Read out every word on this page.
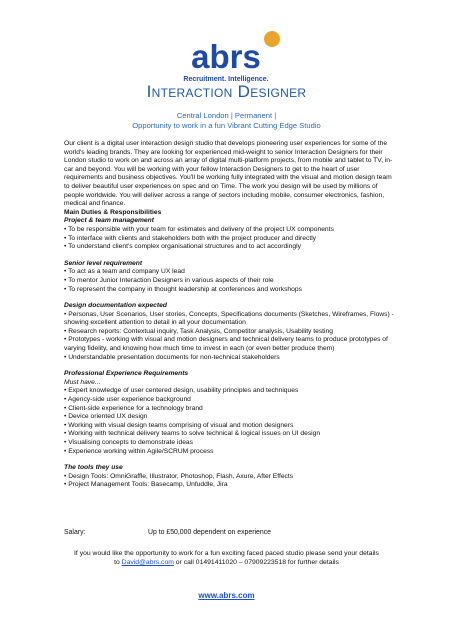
abrs
Recruitment. Intelligence.
Interaction Designer
Central London | Permanent |
Opportunity to work in a fun Vibrant Cutting Edge Studio

Our client is a digital user interaction design studio that develops pioneering user experiences for some of the world's leading brands. They are looking for experienced mid-weight to senior Interaction Designers for their London studio to work on and across an array of digital multi-platform projects, from mobile and tablet to TV, in-car and beyond. You will be working with your fellow Interaction Designers to get to the heart of user requirements and business objectives. You'll be working fully integrated with the visual and motion design team to deliver beautiful user experiences on spec and on Time. The work you design will be used by millions of people worldwide. You will deliver across a range of sectors including mobile, consumer electronics, fashion, medical and finance.

Main Duties & Responsibilities

Project & team management

• To be responsible with your team for estimates and delivery of the project UX components

• To interface with clients and stakeholders both with the project producer and directly

• To understand client's complex organisational structures and to act accordingly

Senior level requirement

• To act as a team and company UX lead

• To mentor Junior Interaction Designers in various aspects of their role

• To represent the company in thought leadership at conferences and workshops

Design documentation expected

• Personas, User Scenarios, User stories, Concepts, Specifications documents (Sketches, Wireframes, Flows) - showing excellent attention to detail in all your documentation

• Research reports: Contextual inquiry, Task Analysis, Competitor analysis, Usability testing

• Prototypes - working with visual and motion designers and technical delivery teams to produce prototypes of varying fidelity, and knowing how much time to invest in each (or even better produce them)

• Understandable presentation documents for non-technical stakeholders

Professional Experience Requirements

Must have...

• Expert knowledge of user centered design, usability principles and techniques

• Agency-side user experience background

• Client-side experience for a technology brand

• Device oriented UX design

• Working with visual design teams comprising of visual and motion designers

• Working with technical delivery teams to solve technical & logical issues on UI design

• Visualising concepts to demonstrate ideas

• Experience working within Agile/SCRUM process

The tools they use

• Design Tools: OmniGraffle, Illustrator, Photoshop, Flash, Axure, After Effects

• Project Management Tools: Basecamp, Unfuddle, Jira

Salary:	Up to £50,000 dependent on experience
If you would like the opportunity to work for a fun exciting faced paced studio please send your details
to David@abrs.com or call 01491411020 – 07909223518 for further details
www.abrs.com
